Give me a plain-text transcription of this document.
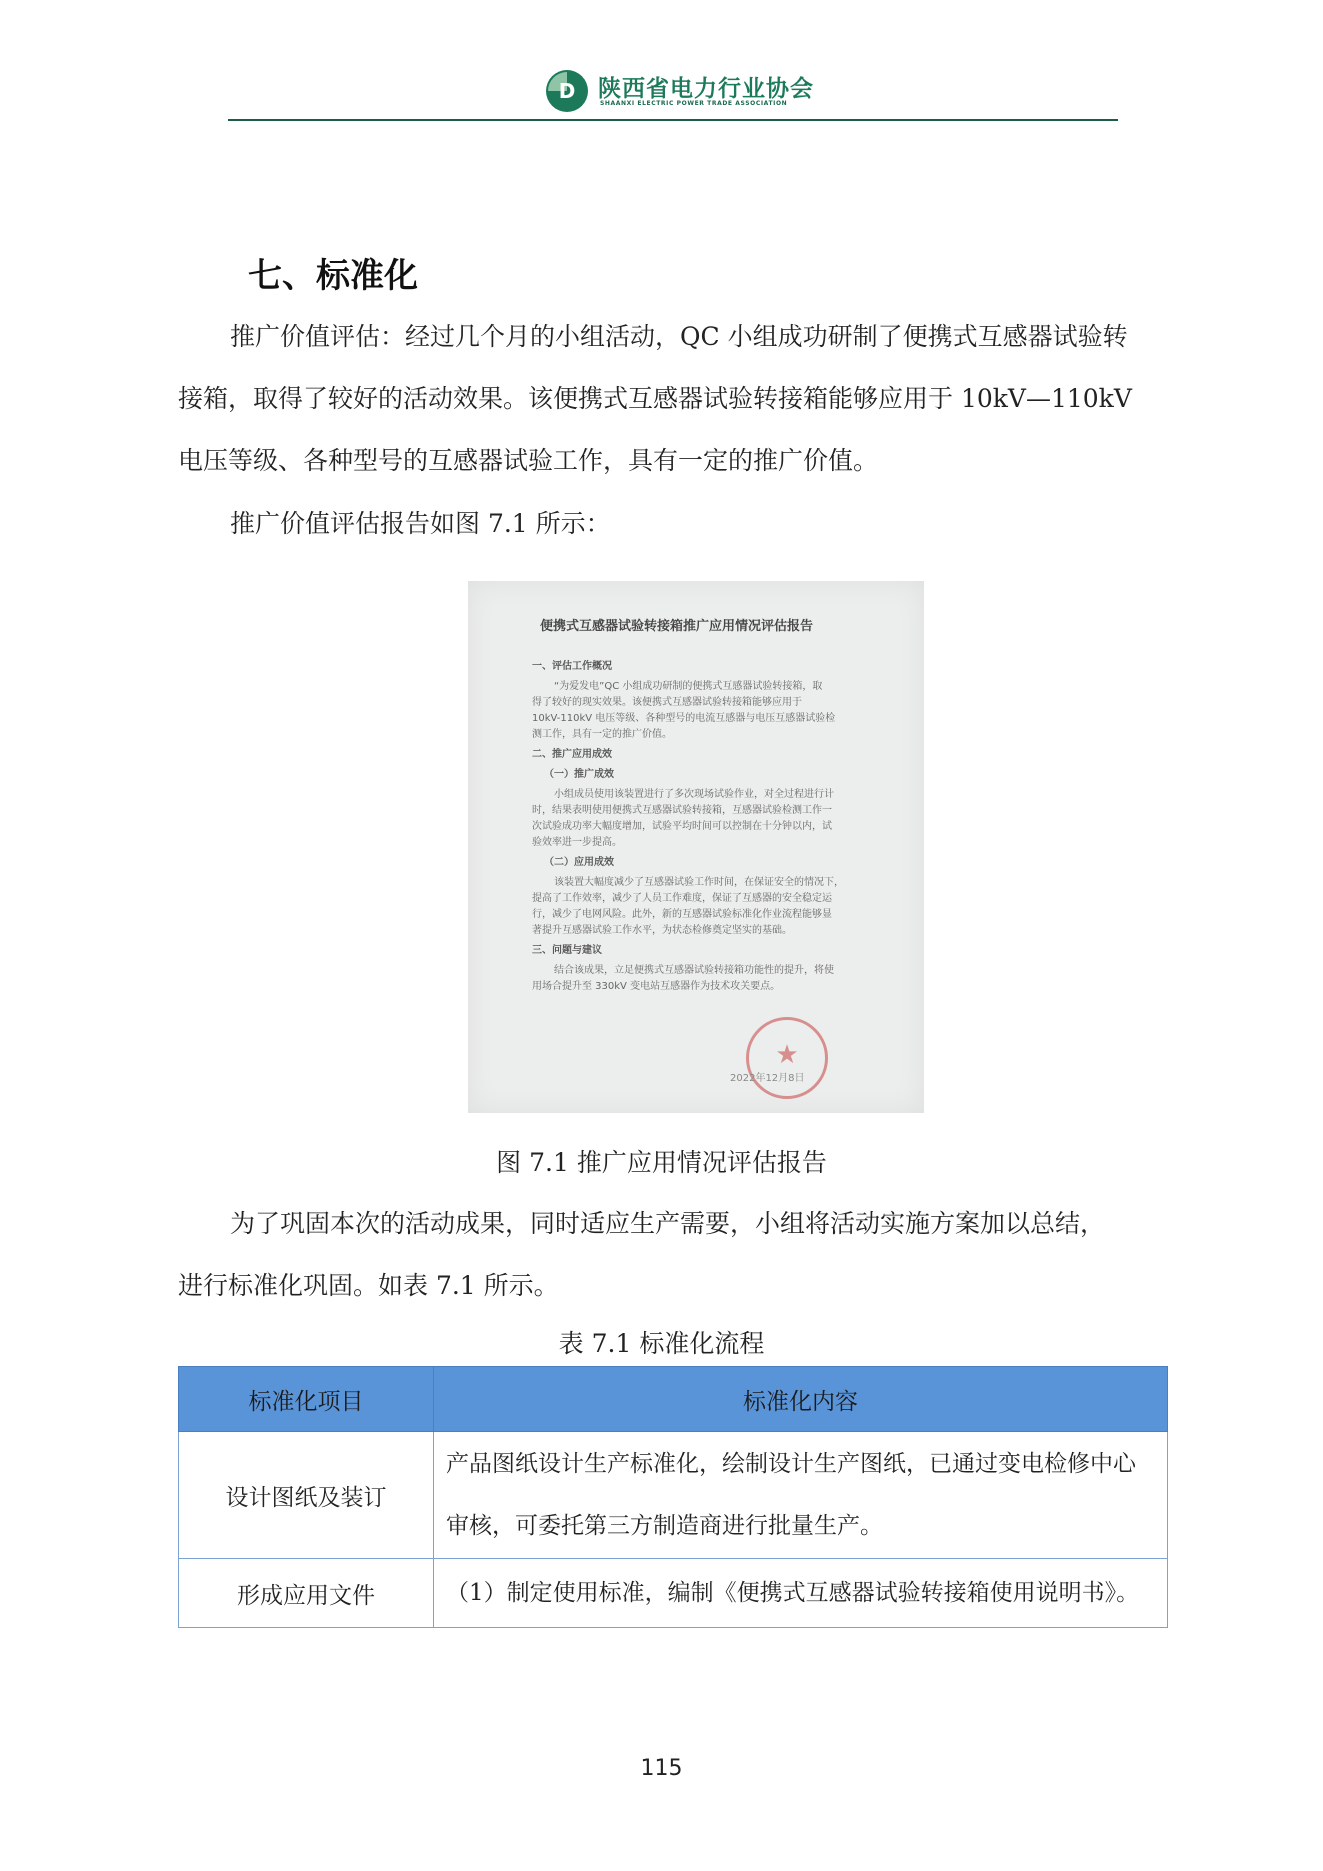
D 陕西省电力行业协会
SHAANXI ELECTRIC POWER TRADE ASSOCIATION
七、标准化
推广价值评估：经过几个月的小组活动，QC 小组成功研制了便携式互感器试验转
接箱，取得了较好的活动效果。该便携式互感器试验转接箱能够应用于 10kV—110kV
电压等级、各种型号的互感器试验工作，具有一定的推广价值。
推广价值评估报告如图 7.1 所示：
便携式互感器试验转接箱推广应用情况评估报告
一、评估工作概况
“为爱发电”QC 小组成功研制的便携式互感器试验转接箱，取
得了较好的现实效果。该便携式互感器试验转接箱能够应用于
10kV-110kV 电压等级、各种型号的电流互感器与电压互感器试验检
测工作，具有一定的推广价值。
二、推广应用成效
（一）推广成效
小组成员使用该装置进行了多次现场试验作业，对全过程进行计
时，结果表明使用便携式互感器试验转接箱，互感器试验检测工作一
次试验成功率大幅度增加，试验平均时间可以控制在十分钟以内，试
验效率进一步提高。
（二）应用成效
该装置大幅度减少了互感器试验工作时间，在保证安全的情况下，
提高了工作效率，减少了人员工作难度，保证了互感器的安全稳定运
行，减少了电网风险。此外，新的互感器试验标准化作业流程能够显
著提升互感器试验工作水平，为状态检修奠定坚实的基础。
三、问题与建议
结合该成果，立足便携式互感器试验转接箱功能性的提升，将使
用场合提升至 330kV 变电站互感器作为技术攻关要点。
★
2022年12月8日
图 7.1 推广应用情况评估报告
为了巩固本次的活动成果，同时适应生产需要，小组将活动实施方案加以总结，
进行标准化巩固。如表 7.1 所示。
表 7.1 标准化流程
标准化项目	标准化内容
设计图纸及装订	产品图纸设计生产标准化，绘制设计生产图纸，已通过变电检修中心
审核，可委托第三方制造商进行批量生产。

形成应用文件	（1）制定使用标准，编制《便携式互感器试验转接箱使用说明书》。
115
